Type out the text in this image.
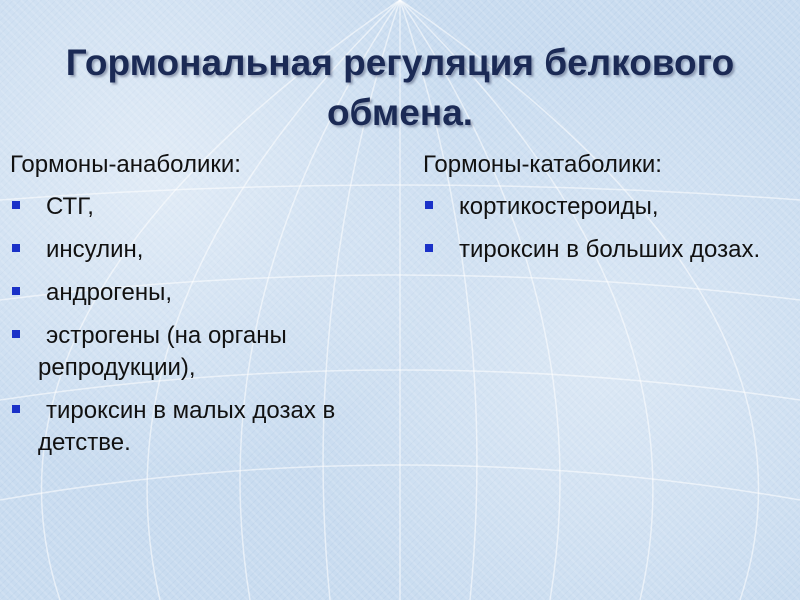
Гормональная регуляция белкового обмена.
Гормоны-анаболики:
СТГ,
инсулин,
андрогены,
эстрогены (на органы репродукции),
тироксин в малых дозах в детстве.
Гормоны-катаболики:
кортикостероиды,
тироксин в больших дозах.
